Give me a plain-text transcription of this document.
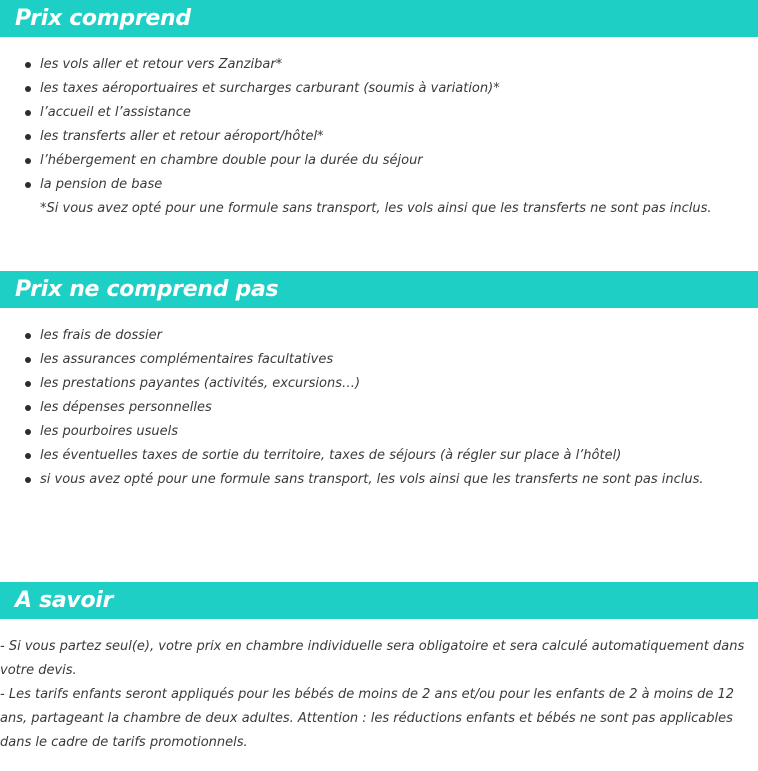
Prix comprend
les vols aller et retour vers Zanzibar*
les taxes aéroportuaires et surcharges carburant (soumis à variation)*
l’accueil et l’assistance
les transferts aller et retour aéroport/hôtel*
l’hébergement en chambre double pour la durée du séjour
la pension de base
*Si vous avez opté pour une formule sans transport, les vols ainsi que les transferts ne sont pas inclus.
Prix ne comprend pas
les frais de dossier
les assurances complémentaires facultatives
les prestations payantes (activités, excursions…)
les dépenses personnelles
les pourboires usuels
les éventuelles taxes de sortie du territoire, taxes de séjours (à régler sur place à l’hôtel)
si vous avez opté pour une formule sans transport, les vols ainsi que les transferts ne sont pas inclus.
A savoir

- Si vous partez seul(e), votre prix en chambre individuelle sera obligatoire et sera calculé automatiquement dans votre devis.

- Les tarifs enfants seront appliqués pour les bébés de moins de 2 ans et/ou pour les enfants de 2 à moins de 12 ans, partageant la chambre de deux adultes. Attention : les réductions enfants et bébés ne sont pas applicables dans le cadre de tarifs promotionnels.
